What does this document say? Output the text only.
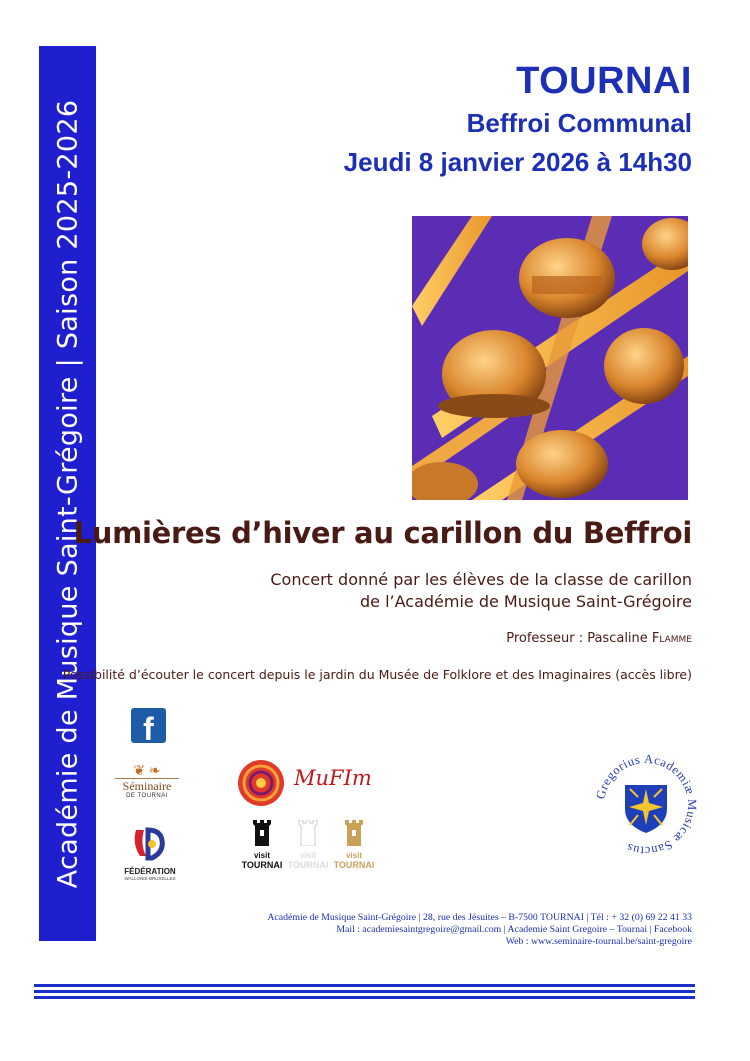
Académie de Musique Saint-Grégoire | Saison 2025-2026
TOURNAI
Beffroi Communal
Jeudi 8 janvier 2026 à 14h30
Lumières d’hiver au carillon du Beffroi
Concert donné par les élèves de la classe de carillon
de l’Académie de Musique Saint-Grégoire
Professeur : Pascaline Flamme
Possibilité d’écouter le concert depuis le jardin du Musée de Folklore et des Imaginaires (accès libre)
f
❦ ❧
Séminaire
DE TOURNAI
FÉDÉRATION
WALLONIE-BRUXELLES
MuFIm
visit
TOURNAI
visit
TOURNAI
visit
TOURNAI
Gregorius Academiæ Musicæ Sanctus
Académie de Musique Saint-Grégoire | 28, rue des Jésuites – B-7500 TOURNAI | Tél : + 32 (0) 69 22 41 33
Mail : academiesaintgregoire@gmail.com | Academie Saint Gregoire – Tournai | Facebook
Web : www.seminaire-tournai.be/saint-gregoire
